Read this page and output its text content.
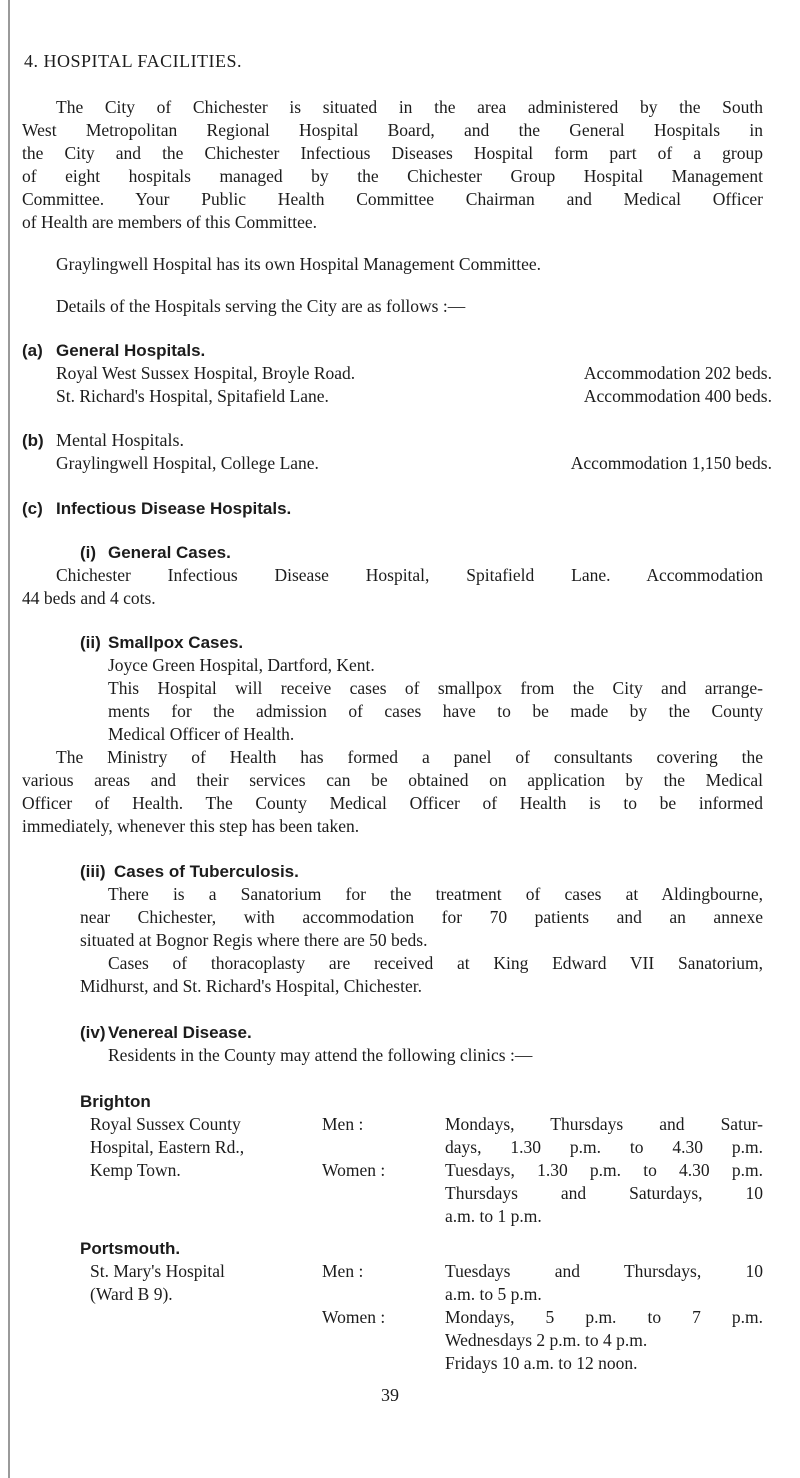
4. HOSPITAL FACILITIES.
The City of Chichester is situated in the area administered by the South
West Metropolitan Regional Hospital Board, and the General Hospitals in
the City and the Chichester Infectious Diseases Hospital form part of a group
of eight hospitals managed by the Chichester Group Hospital Management
Committee. Your Public Health Committee Chairman and Medical Officer
of Health are members of this Committee.
Graylingwell Hospital has its own Hospital Management Committee.
Details of the Hospitals serving the City are as follows :—
(a) General Hospitals.
Royal West Sussex Hospital, Broyle Road.	Accommodation 202 beds.
St. Richard's Hospital, Spitafield Lane.	Accommodation 400 beds.
(b) Mental Hospitals.
Graylingwell Hospital, College Lane.	Accommodation 1,150 beds.
(c) Infectious Disease Hospitals.
(i) General Cases.
Chichester Infectious Disease Hospital, Spitafield Lane. Accommodation
44 beds and 4 cots.
(ii) Smallpox Cases.
Joyce Green Hospital, Dartford, Kent.
This Hospital will receive cases of smallpox from the City and arrange-
ments for the admission of cases have to be made by the County
Medical Officer of Health.
The Ministry of Health has formed a panel of consultants covering the
various areas and their services can be obtained on application by the Medical
Officer of Health. The County Medical Officer of Health is to be informed
immediately, whenever this step has been taken.
(iii) Cases of Tuberculosis.
There is a Sanatorium for the treatment of cases at Aldingbourne,
near Chichester, with accommodation for 70 patients and an annexe
situated at Bognor Regis where there are 50 beds.
Cases of thoracoplasty are received at King Edward VII Sanatorium,
Midhurst, and St. Richard's Hospital, Chichester.
(iv) Venereal Disease.
Residents in the County may attend the following clinics :—
Brighton
Royal Sussex County
Hospital, Eastern Rd.,
Kemp Town.
Men :	Mondays, Thursdays and Satur-
days, 1.30 p.m. to 4.30 p.m.
Women :	Tuesdays, 1.30 p.m. to 4.30 p.m.
Thursdays and Saturdays, 10
a.m. to 1 p.m.
Portsmouth.
St. Mary's Hospital
(Ward B 9).
Men :	Tuesdays and Thursdays, 10
a.m. to 5 p.m.
Women :	Mondays, 5 p.m. to 7 p.m.
Wednesdays 2 p.m. to 4 p.m.
Fridays 10 a.m. to 12 noon.
39
